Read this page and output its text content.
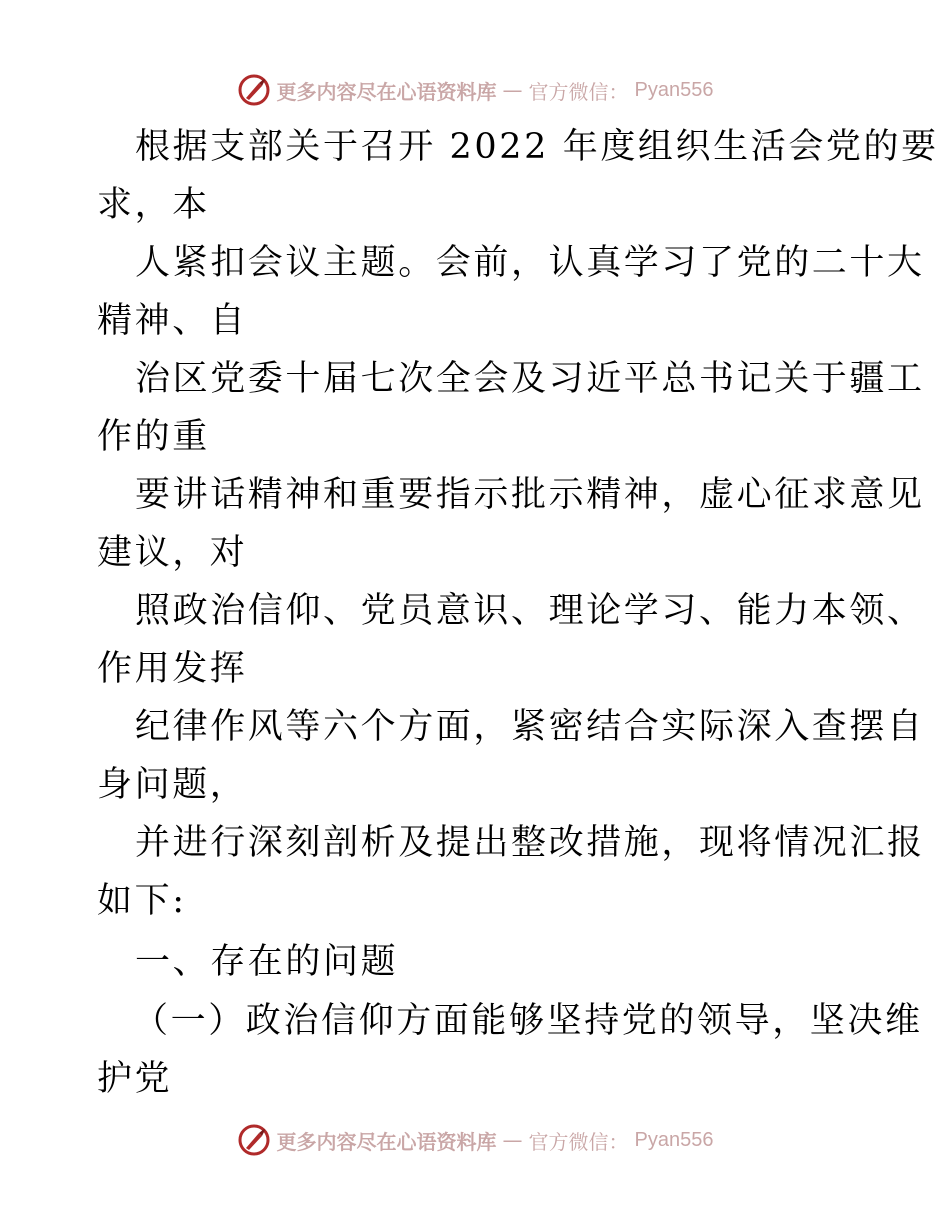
更多内容尽在心语资料库 — 官方微信： Pyan556
根据支部关于召开 2022 年度组织生活会党的要
求，本
人紧扣会议主题。会前，认真学习了党的二十大
精神、自
治区党委十届七次全会及习近平总书记关于疆工
作的重
要讲话精神和重要指示批示精神，虚心征求意见
建议，对
照政治信仰、党员意识、理论学习、能力本领、
作用发挥
纪律作风等六个方面，紧密结合实际深入查摆自
身问题，
并进行深刻剖析及提出整改措施，现将情况汇报
如下:
一、存在的问题
（一）政治信仰方面能够坚持党的领导，坚决维
护党
更多内容尽在心语资料库 — 官方微信： Pyan556
